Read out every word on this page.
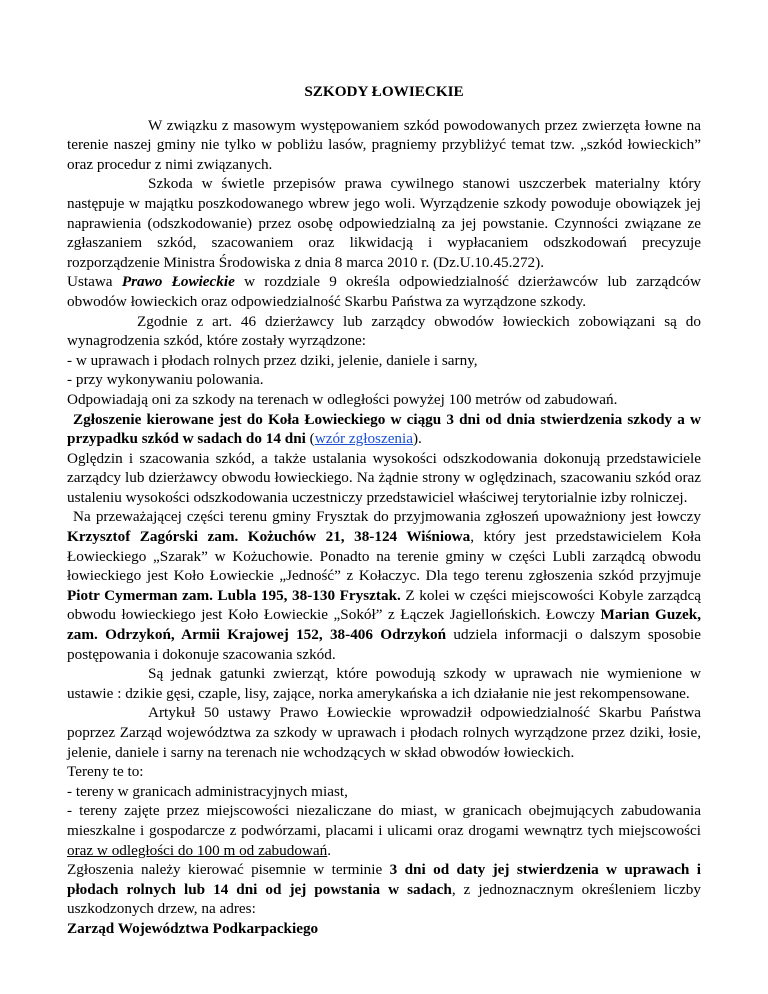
SZKODY ŁOWIECKIE

W związku z masowym występowaniem szkód powodowanych przez zwierzęta łowne na terenie naszej gminy nie tylko w pobliżu lasów, pragniemy przybliżyć temat tzw. „szkód łowieckich” oraz procedur z nimi związanych.

Szkoda w świetle przepisów prawa cywilnego stanowi uszczerbek materialny który następuje w majątku poszkodowanego wbrew jego woli. Wyrządzenie szkody powoduje obowiązek jej naprawienia (odszkodowanie) przez osobę odpowiedzialną za jej powstanie. Czynności związane ze zgłaszaniem szkód, szacowaniem oraz likwidacją i wypłacaniem odszkodowań precyzuje rozporządzenie Ministra Środowiska z dnia 8 marca 2010 r. (Dz.U.10.45.272).

Ustawa Prawo Łowieckie w rozdziale 9 określa odpowiedzialność dzierżawców lub zarządców obwodów łowieckich oraz odpowiedzialność Skarbu Państwa za wyrządzone szkody.

Zgodnie z art. 46 dzierżawcy lub zarządcy obwodów łowieckich zobowiązani są do wynagrodzenia szkód, które zostały wyrządzone:

- w uprawach i płodach rolnych przez dziki, jelenie, daniele i sarny,

- przy wykonywaniu polowania.

Odpowiadają oni za szkody na terenach w odległości powyżej 100 metrów od zabudowań.

Zgłoszenie kierowane jest do Koła Łowieckiego w ciągu 3 dni od dnia stwierdzenia szkody a w przypadku szkód w sadach do 14 dni (wzór zgłoszenia).

Oględzin i szacowania szkód, a także ustalania wysokości odszkodowania dokonują przedstawiciele zarządcy lub dzierżawcy obwodu łowieckiego. Na żądnie strony w oględzinach, szacowaniu szkód oraz ustaleniu wysokości odszkodowania uczestniczy przedstawiciel właściwej terytorialnie izby rolniczej.

Na przeważającej części terenu gminy Frysztak do przyjmowania zgłoszeń upoważniony jest łowczy Krzysztof Zagórski zam. Kożuchów 21, 38-124 Wiśniowa, który jest przedstawicielem Koła Łowieckiego „Szarak” w Kożuchowie. Ponadto na terenie gminy w części Lubli zarządcą obwodu łowieckiego jest Koło Łowieckie „Jedność” z Kołaczyc. Dla tego terenu zgłoszenia szkód przyjmuje Piotr Cymerman zam. Lubla 195, 38-130 Frysztak. Z kolei w części miejscowości Kobyle zarządcą obwodu łowieckiego jest Koło Łowieckie „Sokół” z Łączek Jagiellońskich. Łowczy Marian Guzek, zam. Odrzykoń, Armii Krajowej 152, 38-406 Odrzykoń udziela informacji o dalszym sposobie postępowania i dokonuje szacowania szkód.

Są jednak gatunki zwierząt, które powodują szkody w uprawach nie wymienione w ustawie : dzikie gęsi, czaple, lisy, zające, norka amerykańska a ich działanie nie jest rekompensowane.

Artykuł 50 ustawy Prawo Łowieckie wprowadził odpowiedzialność Skarbu Państwa poprzez Zarząd województwa za szkody w uprawach i płodach rolnych wyrządzone przez dziki, łosie, jelenie, daniele i sarny na terenach nie wchodzących w skład obwodów łowieckich.

Tereny te to:

- tereny w granicach administracyjnych miast,

- tereny zajęte przez miejscowości niezaliczane do miast, w granicach obejmujących zabudowania mieszkalne i gospodarcze z podwórzami, placami i ulicami oraz drogami wewnątrz tych miejscowości oraz w odległości do 100 m od zabudowań.

Zgłoszenia należy kierować pisemnie w terminie 3 dni od daty jej stwierdzenia w uprawach i płodach rolnych lub 14 dni od jej powstania w sadach, z jednoznacznym określeniem liczby uszkodzonych drzew, na adres:

Zarząd Województwa Podkarpackiego
